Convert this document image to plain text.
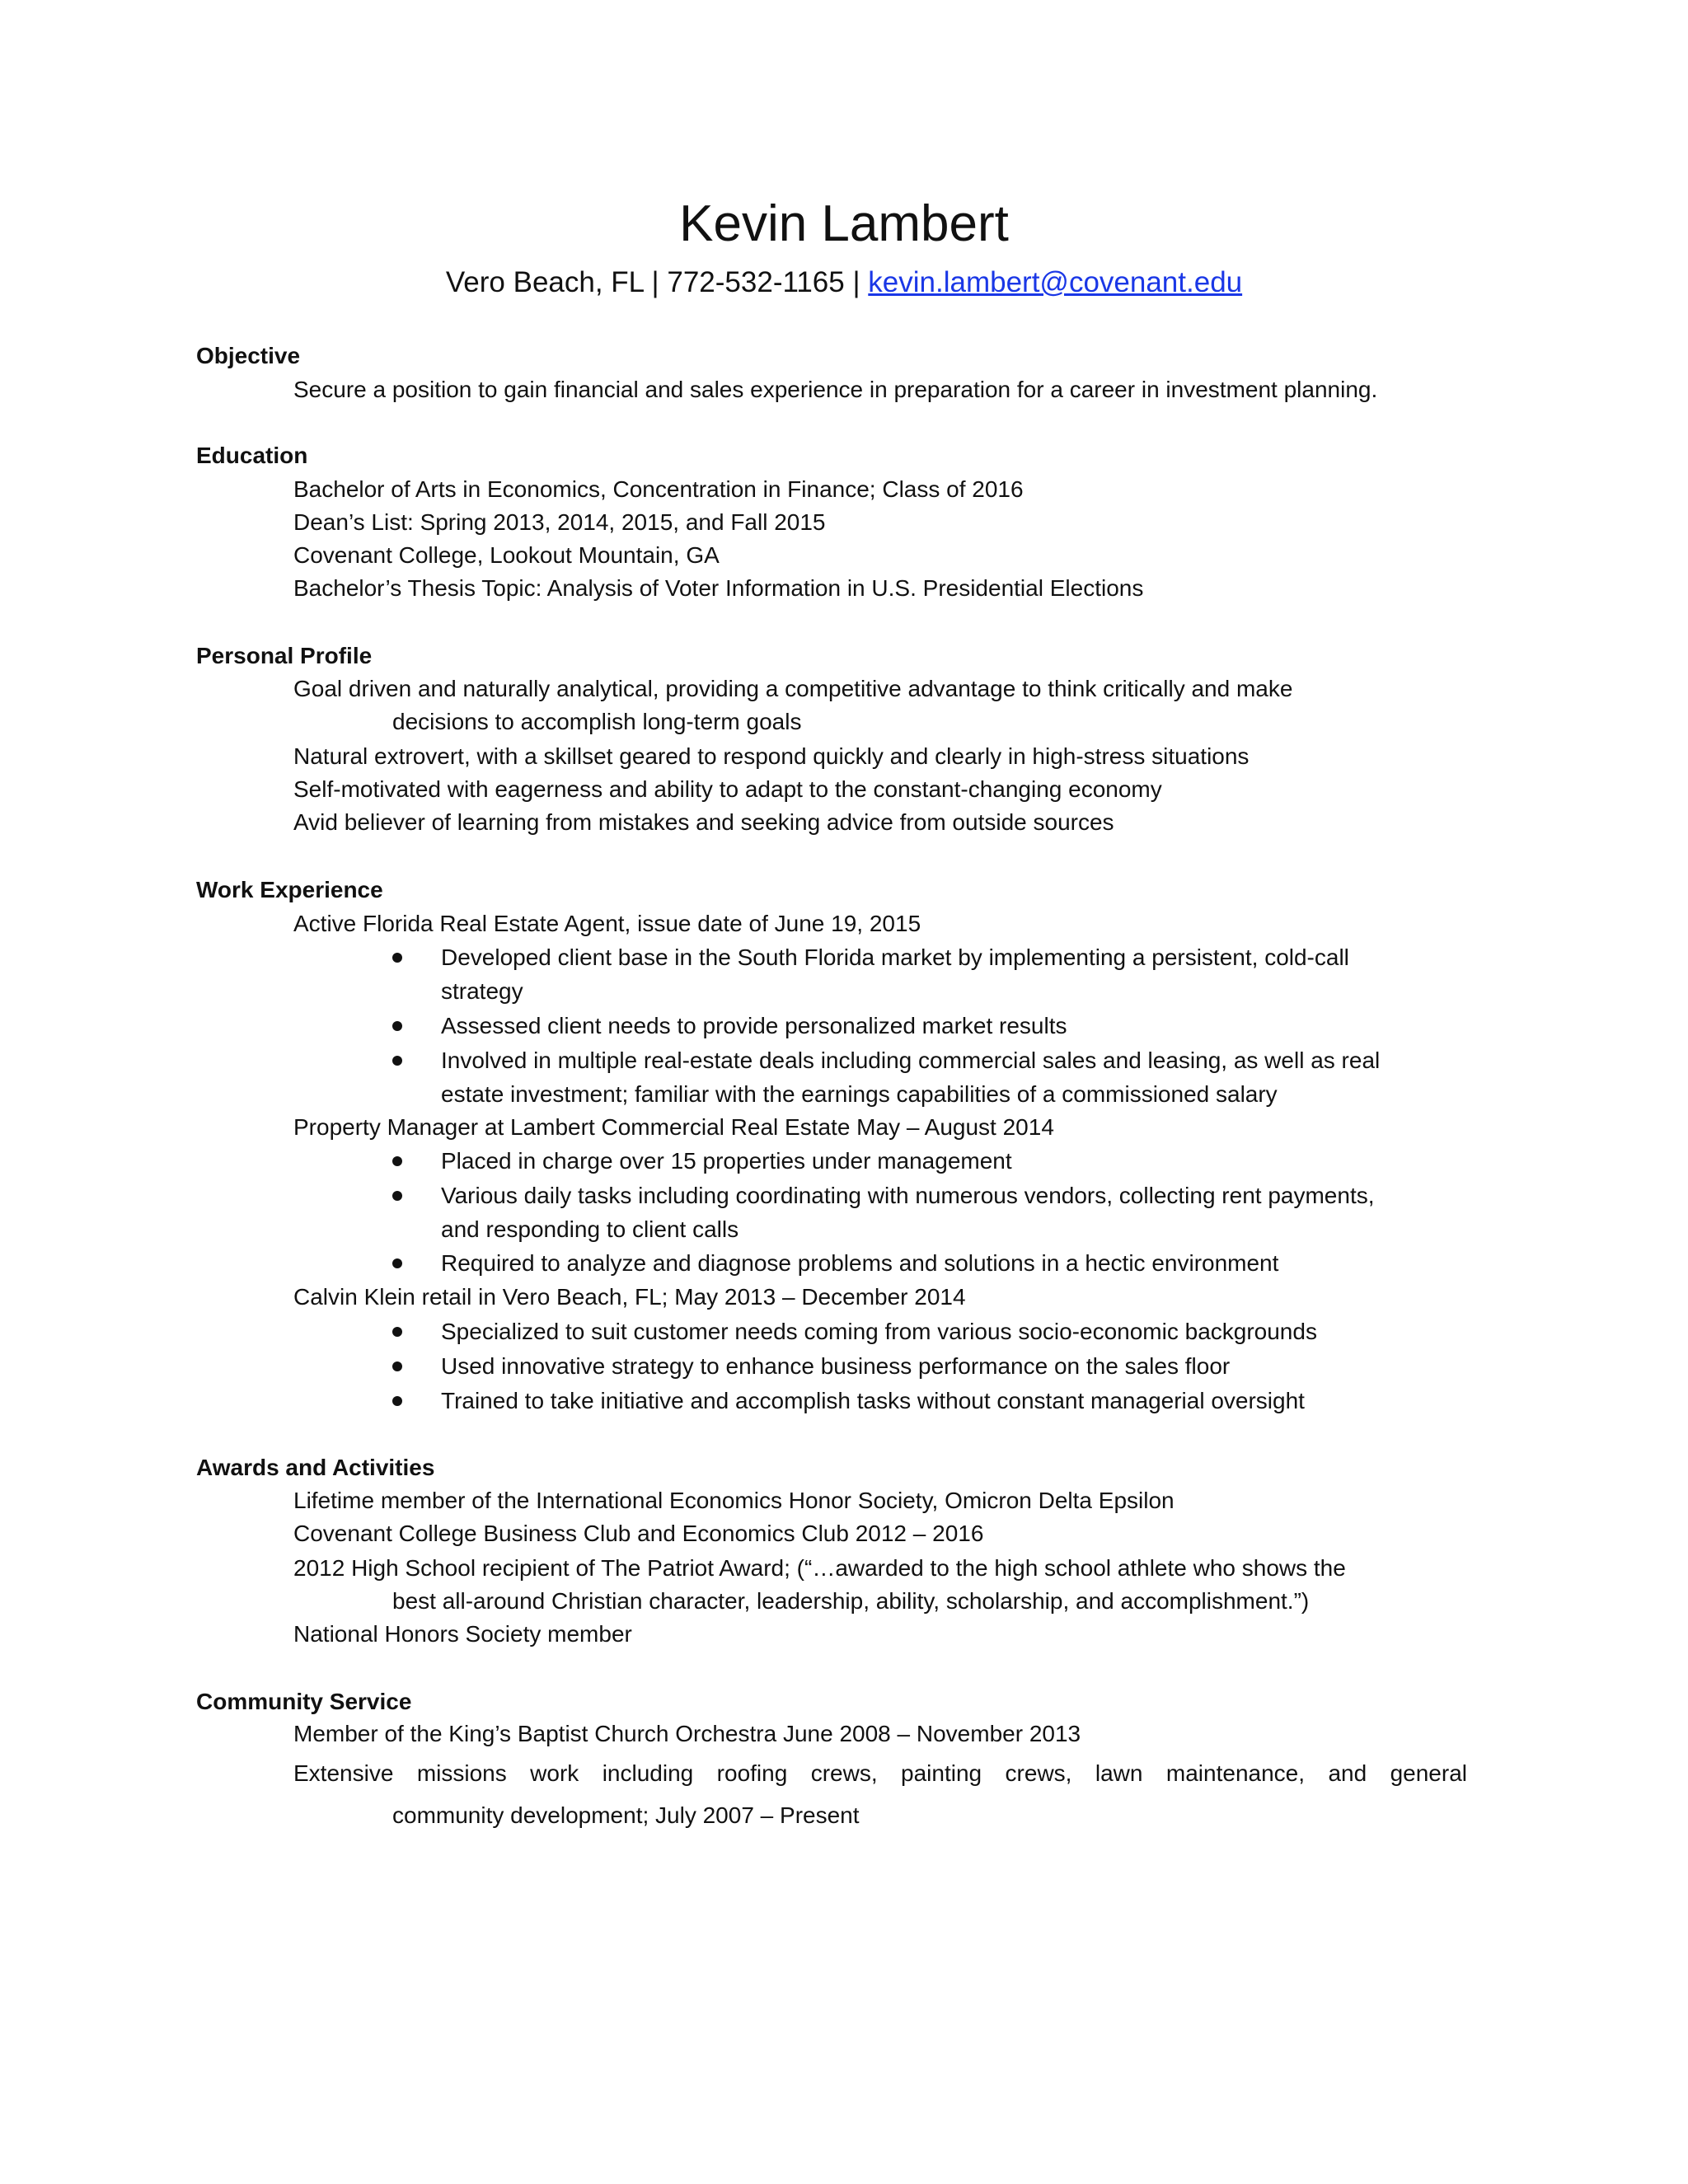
Kevin Lambert
Vero Beach, FL | 772-532-1165 | kevin.lambert@covenant.edu
Objective
Secure a position to gain financial and sales experience in preparation for a career in investment planning.
Education
Bachelor of Arts in Economics, Concentration in Finance; Class of 2016
Dean’s List: Spring 2013, 2014, 2015, and Fall 2015
Covenant College, Lookout Mountain, GA
Bachelor’s Thesis Topic: Analysis of Voter Information in U.S. Presidential Elections
Personal Profile
Goal driven and naturally analytical, providing a competitive advantage to think critically and make
decisions to accomplish long-term goals
Natural extrovert, with a skillset geared to respond quickly and clearly in high-stress situations
Self-motivated with eagerness and ability to adapt to the constant-changing economy
Avid believer of learning from mistakes and seeking advice from outside sources
Work Experience
Active Florida Real Estate Agent, issue date of June 19, 2015
Developed client base in the South Florida market by implementing a persistent, cold-call
strategy
Assessed client needs to provide personalized market results
Involved in multiple real-estate deals including commercial sales and leasing, as well as real
estate investment; familiar with the earnings capabilities of a commissioned salary
Property Manager at Lambert Commercial Real Estate May – August 2014
Placed in charge over 15 properties under management
Various daily tasks including coordinating with numerous vendors, collecting rent payments,
and responding to client calls
Required to analyze and diagnose problems and solutions in a hectic environment
Calvin Klein retail in Vero Beach, FL; May 2013 – December 2014
Specialized to suit customer needs coming from various socio-economic backgrounds
Used innovative strategy to enhance business performance on the sales floor
Trained to take initiative and accomplish tasks without constant managerial oversight
Awards and Activities
Lifetime member of the International Economics Honor Society, Omicron Delta Epsilon
Covenant College Business Club and Economics Club 2012 – 2016
2012 High School recipient of The Patriot Award; (“…awarded to the high school athlete who shows the
best all-around Christian character, leadership, ability, scholarship, and accomplishment.”)
National Honors Society member
Community Service
Member of the King’s Baptist Church Orchestra June 2008 – November 2013
Extensive missions work including roofing crews, painting crews, lawn maintenance, and general
community development; July 2007 – Present
